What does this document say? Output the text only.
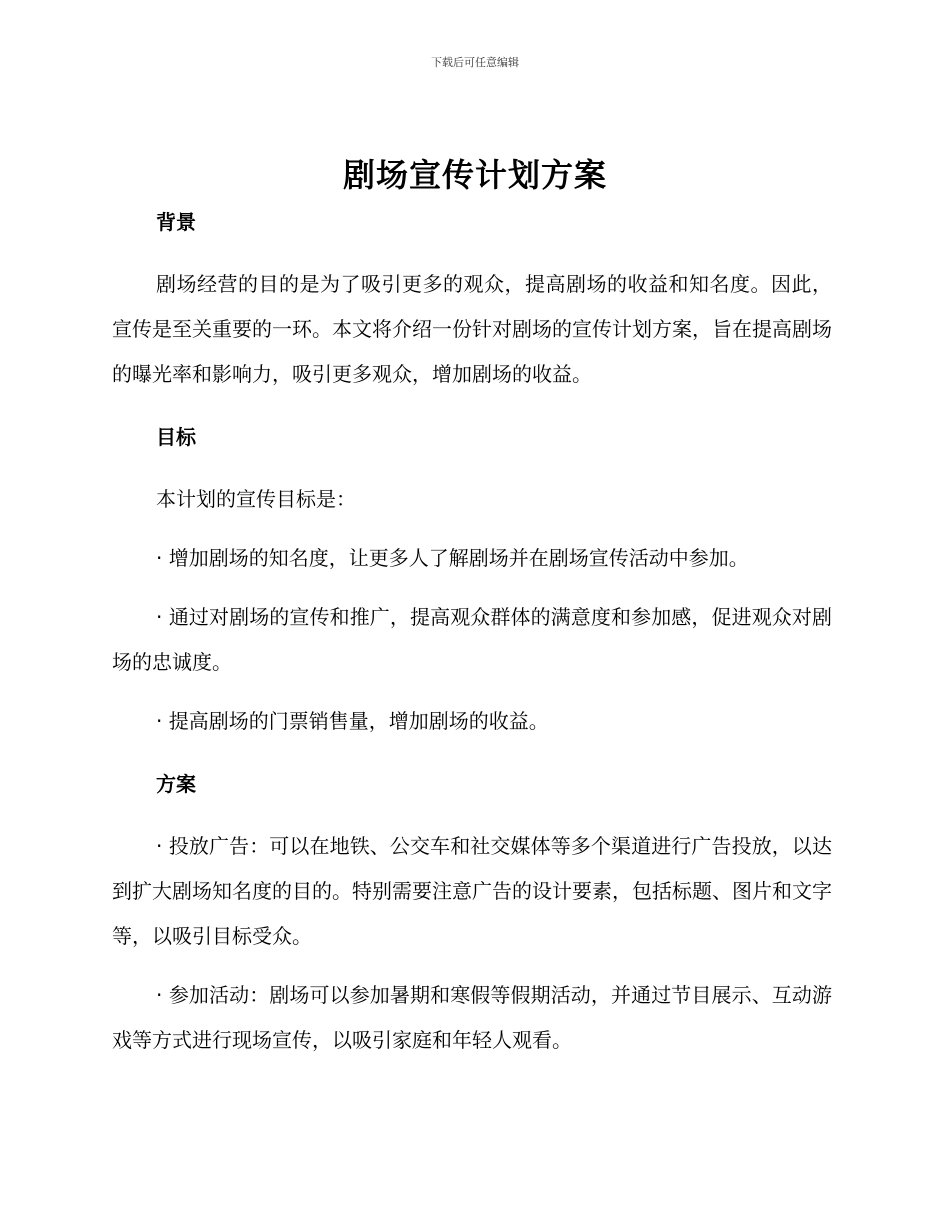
下载后可任意编辑
剧场宣传计划方案
背景

剧场经营的目的是为了吸引更多的观众，提高剧场的收益和知名度。因此，宣传是至关重要的一环。本文将介绍一份针对剧场的宣传计划方案，旨在提高剧场的曝光率和影响力，吸引更多观众，增加剧场的收益。

目标

本计划的宣传目标是：

· 增加剧场的知名度，让更多人了解剧场并在剧场宣传活动中参加。

· 通过对剧场的宣传和推广，提高观众群体的满意度和参加感，促进观众对剧场的忠诚度。

· 提高剧场的门票销售量，增加剧场的收益。

方案

· 投放广告：可以在地铁、公交车和社交媒体等多个渠道进行广告投放，以达到扩大剧场知名度的目的。特别需要注意广告的设计要素，包括标题、图片和文字等，以吸引目标受众。

· 参加活动：剧场可以参加暑期和寒假等假期活动，并通过节目展示、互动游戏等方式进行现场宣传，以吸引家庭和年轻人观看。
